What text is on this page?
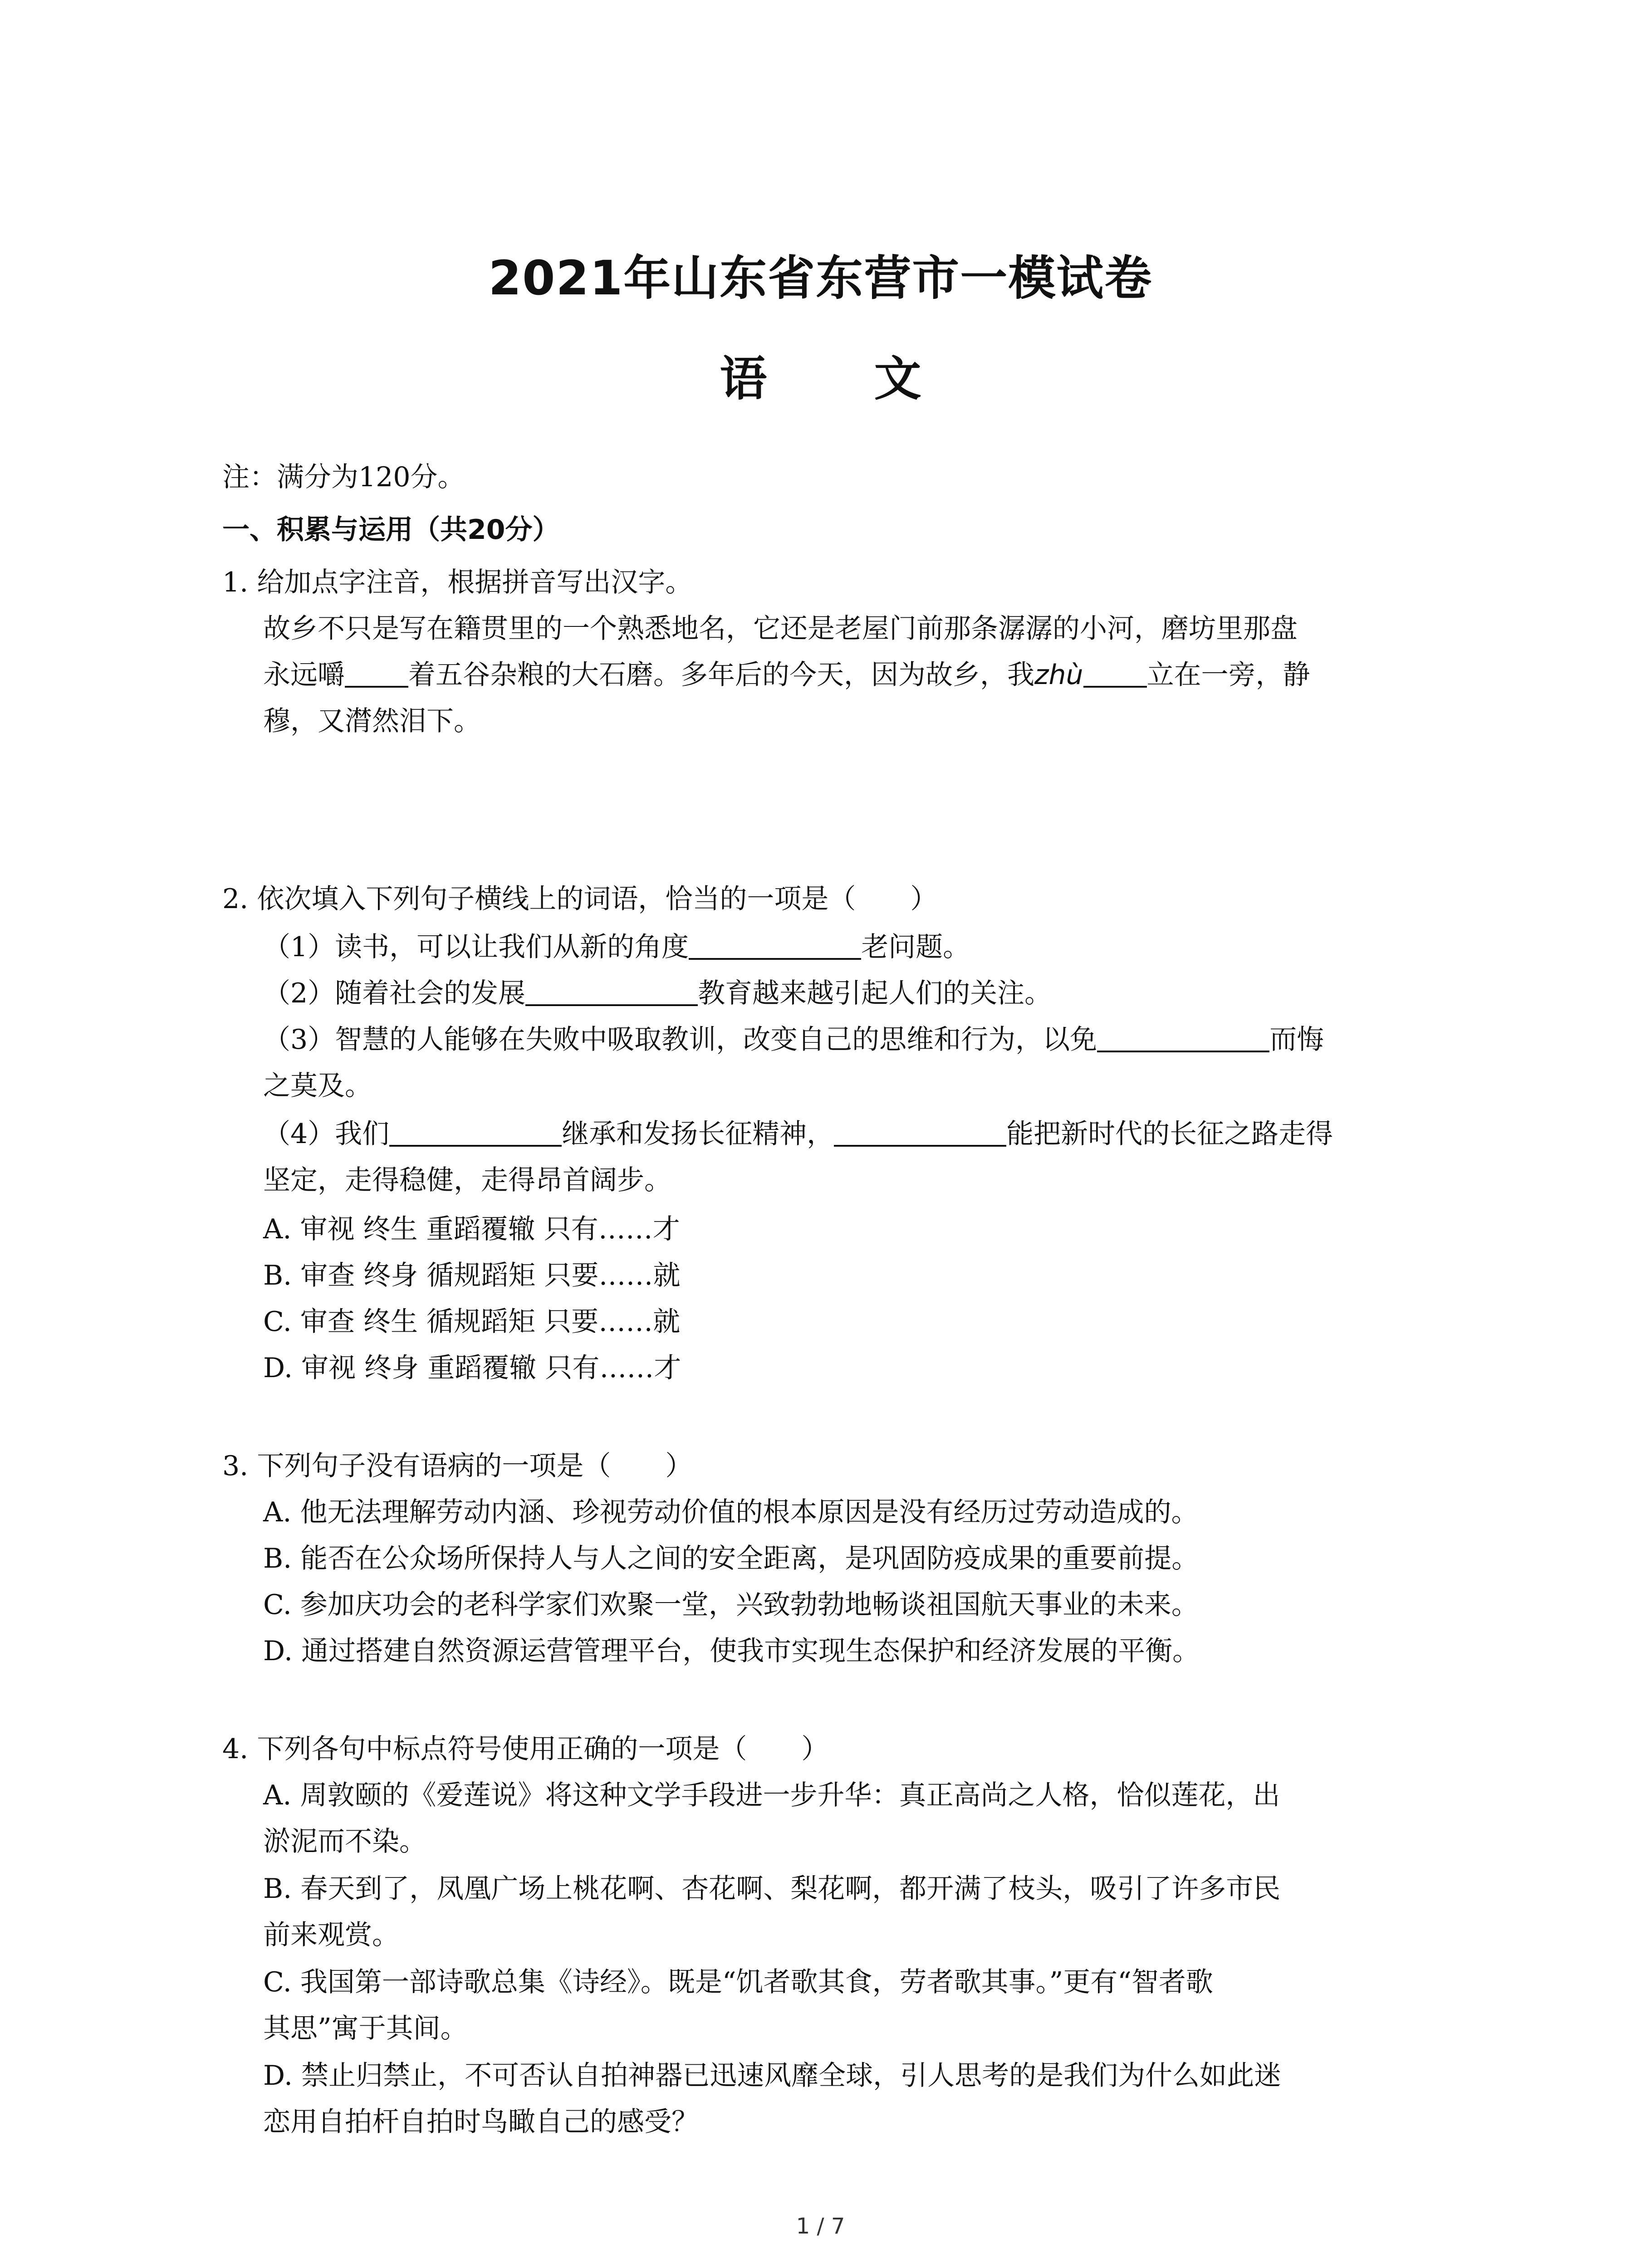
2021年山东省东营市一模试卷
语 文
注：满分为120分。
一、积累与运用（共20分）
1. 给加点字注音，根据拼音写出汉字。
故乡不只是写在籍贯里的一个熟悉地名，它还是老屋门前那条潺潺的小河，磨坊里那盘
永远嚼 着五谷杂粮的大石磨。多年后的今天，因为故乡，我zhù 立在一旁，静
穆，又潸然泪下。
2. 依次填入下列句子横线上的词语，恰当的一项是（　　）
（1）读书，可以让我们从新的角度	老问题。
（2）随着社会的发展	教育越来越引起人们的关注。
（3）智慧的人能够在失败中吸取教训，改变自己的思维和行为，以免	而悔
之莫及。
（4）我们	继承和发扬长征精神，	能把新时代的长征之路走得
坚定，走得稳健，走得昂首阔步。
A. 审视 终生 重蹈覆辙 只有……才
B. 审查 终身 循规蹈矩 只要……就
C. 审查 终生 循规蹈矩 只要……就
D. 审视 终身 重蹈覆辙 只有……才
3. 下列句子没有语病的一项是（　　）
A. 他无法理解劳动内涵、珍视劳动价值的根本原因是没有经历过劳动造成的。
B. 能否在公众场所保持人与人之间的安全距离，是巩固防疫成果的重要前提。
C. 参加庆功会的老科学家们欢聚一堂，兴致勃勃地畅谈祖国航天事业的未来。
D. 通过搭建自然资源运营管理平台，使我市实现生态保护和经济发展的平衡。
4. 下列各句中标点符号使用正确的一项是（　　）
A. 周敦颐的《爱莲说》将这种文学手段进一步升华：真正高尚之人格，恰似莲花，出
淤泥而不染。
B. 春天到了，凤凰广场上桃花啊、杏花啊、梨花啊，都开满了枝头，吸引了许多市民
前来观赏。
C. 我国第一部诗歌总集《诗经》。既是“饥者歌其食，劳者歌其事。”更有“智者歌
其思”寓于其间。
D. 禁止归禁止，不可否认自拍神器已迅速风靡全球，引人思考的是我们为什么如此迷
恋用自拍杆自拍时鸟瞰自己的感受？
1 / 7
